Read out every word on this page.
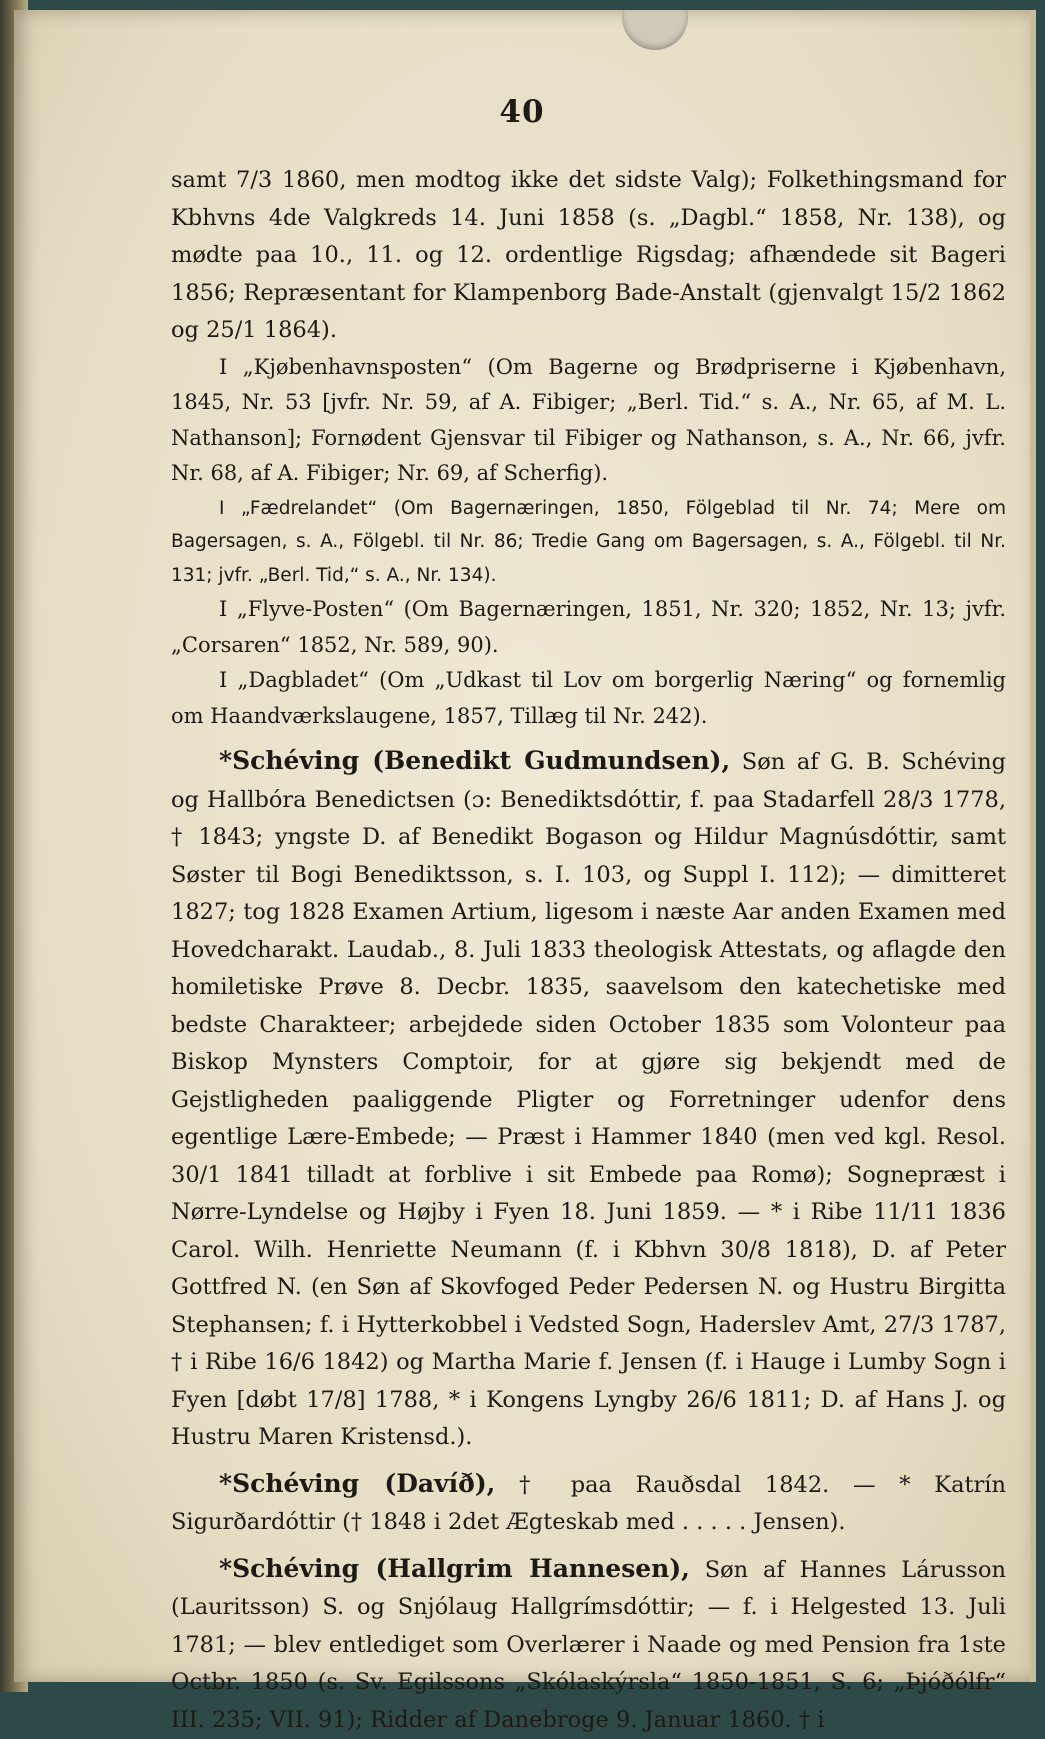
40

samt 7/3 1860, men modtog ikke det sidste Valg); Folkethingsmand for Kbhvns 4de Valgkreds 14. Juni 1858 (s. „Dagbl.“ 1858, Nr. 138), og mødte paa 10., 11. og 12. ordentlige Rigsdag; afhændede sit Bageri 1856; Repræsentant for Klampenborg Bade-Anstalt (gjenvalgt 15/2 1862 og 25/1 1864).

I „Kjøbenhavnsposten“ (Om Bagerne og Brødpriserne i Kjøbenhavn, 1845, Nr. 53 [jvfr. Nr. 59, af A. Fibiger; „Berl. Tid.“ s. A., Nr. 65, af M. L. Nathanson]; Fornødent Gjensvar til Fibiger og Nathanson, s. A., Nr. 66, jvfr. Nr. 68, af A. Fibiger; Nr. 69, af Scherfig).

I „Fædrelandet“ (Om Bagernæringen, 1850, Fölgeblad til Nr. 74; Mere om Bagersagen, s. A., Fölgebl. til Nr. 86; Tredie Gang om Bagersagen, s. A., Fölgebl. til Nr. 131; jvfr. „Berl. Tid,“ s. A., Nr. 134).

I „Flyve-Posten“ (Om Bagernæringen, 1851, Nr. 320; 1852, Nr. 13; jvfr. „Corsaren“ 1852, Nr. 589, 90).

I „Dagbladet“ (Om „Udkast til Lov om borgerlig Næring“ og fornemlig om Haandværkslaugene, 1857, Tillæg til Nr. 242).

*Schéving (Benedikt Gudmundsen), Søn af G. B. Schéving og Hallbóra Benedictsen (ɔ: Benediktsdóttir, f. paa Stadarfell 28/3 1778, † 1843; yngste D. af Benedikt Bogason og Hildur Magnúsdóttir, samt Søster til Bogi Benediktsson, s. I. 103, og Suppl I. 112); — dimitteret 1827; tog 1828 Examen Artium, ligesom i næste Aar anden Examen med Hovedcharakt. Laudab., 8. Juli 1833 theologisk Attestats, og aflagde den homiletiske Prøve 8. Decbr. 1835, saavelsom den katechetiske med bedste Charakteer; arbejdede siden October 1835 som Volonteur paa Biskop Mynsters Comptoir, for at gjøre sig bekjendt med de Gejstligheden paaliggende Pligter og Forretninger udenfor dens egentlige Lære-Embede; — Præst i Hammer 1840 (men ved kgl. Resol. 30/1 1841 tilladt at forblive i sit Embede paa Romø); Sognepræst i Nørre-Lyndelse og Højby i Fyen 18. Juni 1859. — * i Ribe 11/11 1836 Carol. Wilh. Henriette Neumann (f. i Kbhvn 30/8 1818), D. af Peter Gottfred N. (en Søn af Skovfoged Peder Pedersen N. og Hustru Birgitta Stephansen; f. i Hytterkobbel i Vedsted Sogn, Haderslev Amt, 27/3 1787, † i Ribe 16/6 1842) og Martha Marie f. Jensen (f. i Hauge i Lumby Sogn i Fyen [døbt 17/8] 1788, * i Kongens Lyngby 26/6 1811; D. af Hans J. og Hustru Maren Kristensd.).

*Schéving (Davíð), † paa Rauðsdal 1842. — * Katrín Sigurðardóttir († 1848 i 2det Ægteskab med . . . . . Jensen).

*Schéving (Hallgrim Hannesen), Søn af Hannes Lárusson (Lauritsson) S. og Snjólaug Hallgrímsdóttir; — f. i Helgested 13. Juli 1781; — blev entlediget som Overlærer i Naade og med Pension fra 1ste Octbr. 1850 (s. Sv. Egilssons „Skólaskýrsla“ 1850-1851, S. 6; „Þjóðólfr“ III. 235; VII. 91); Ridder af Danebroge 9. Januar 1860. † i
